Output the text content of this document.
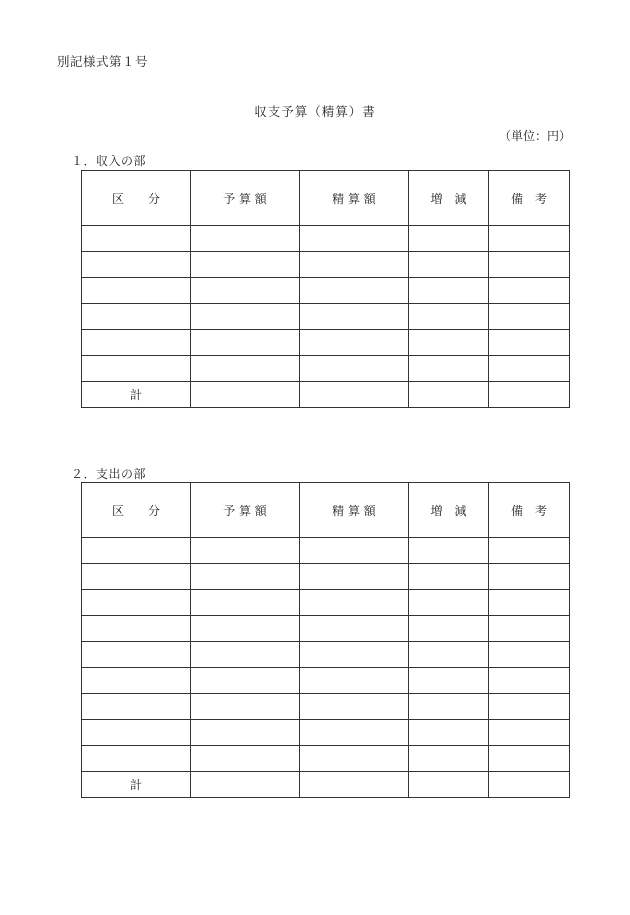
別記様式第１号
収支予算（精算）書
（単位：円）
１．収入の部
区　　分	予 算 額	精 算 額	増　減	備　考

計				
２．支出の部
区　　分	予 算 額	精 算 額	増　減	備　考

計				
